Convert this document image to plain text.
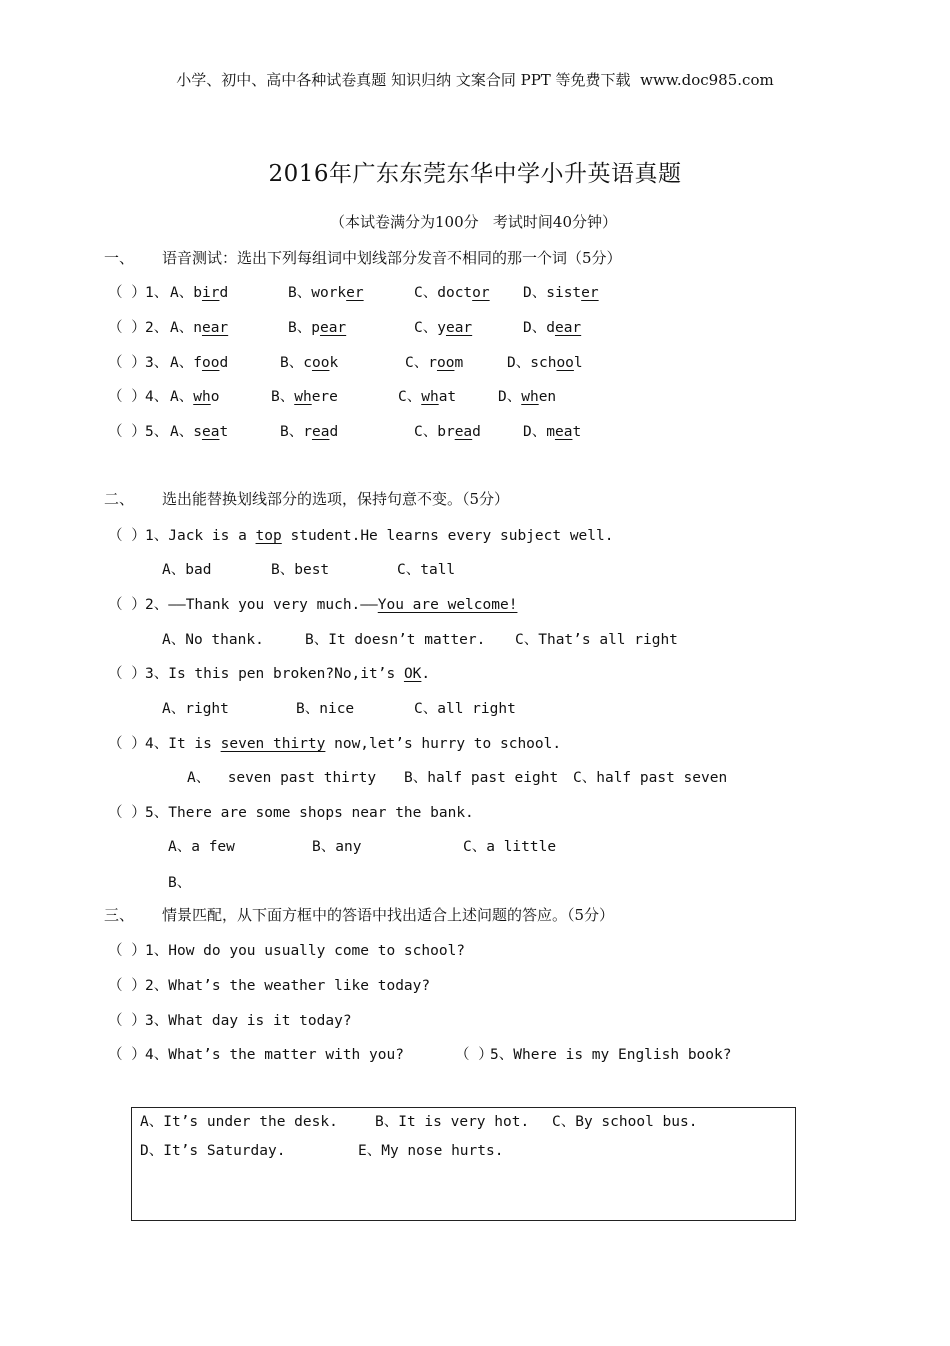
小学、初中、高中各种试卷真题 知识归纳 文案合同 PPT 等免费下载  www.doc985.com
2016年广东东莞东华中学小升英语真题
（本试卷满分为100分   考试时间40分钟）
一、 语音测试：选出下列每组词中划线部分发音不相同的那一个词（5分）
（ ） 1、 A、bird	B、worker	C、doctor D、sister
（ ） 2、 A、near	B、pear	C、year	D、dear
（ ） 3、 A、food	B、cook	C、room	D、school
（ ） 4、 A、who	B、where	C、what	D、when
（ ） 5、 A、seat	B、read	C、bread	D、meat
二、 选出能替换划线部分的选项，保持句意不变。（5分）
（ ） 1、Jack is a top student.He learns every subject well.
A、bad	B、best	C、tall
（ ） 2、——Thank you very much.——You are welcome!
A、No thank.	B、It doesn’t matter. C、That’s all right
（ ） 3、Is this pen broken?No,it’s OK.
A、right	B、nice	C、all right
（ ） 4、It is seven thirty now,let’s hurry to school.
A、  seven past thirty B、half past eight C、half past seven
（ ） 5、There are some shops near the bank.
A、a few	B、any	C、a little
B、
三、 情景匹配，从下面方框中的答语中找出适合上述问题的答应。（5分）
（ ） 1、How do you usually come to school?
（ ） 2、What’s the weather like today?
（ ） 3、What day is it today?
（ ） 4、What’s the matter with you?	（ ）
5、Where is my English book?
A、It’s under the desk.	B、It is very hot. C、By school bus.
D、It’s Saturday.	E、My nose hurts.
